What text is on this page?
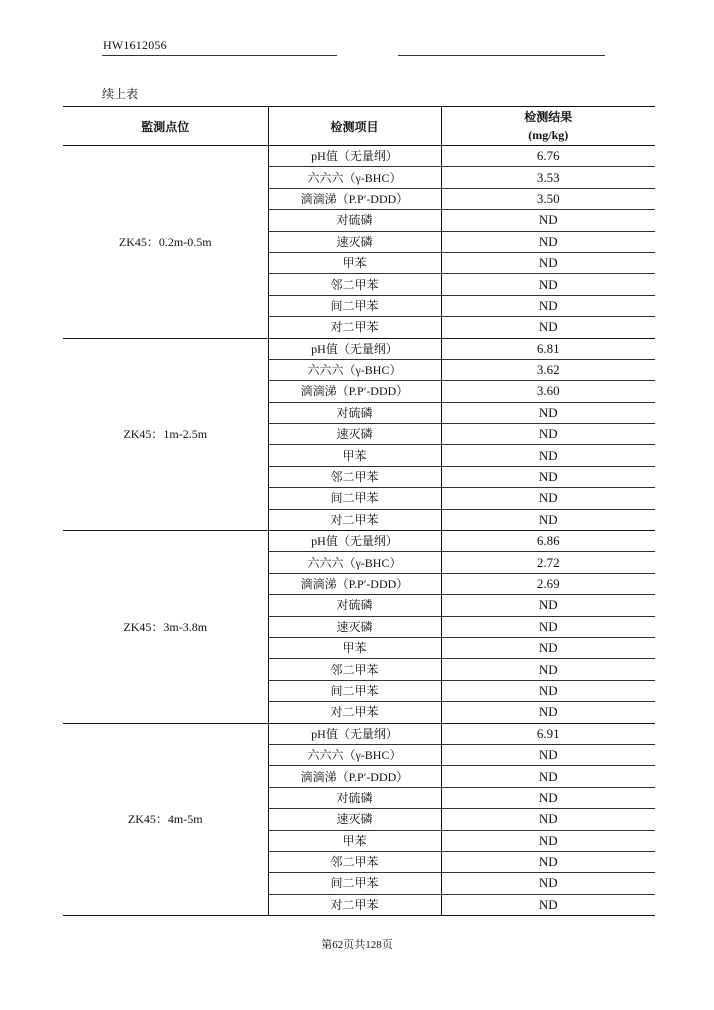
HW1612056
续上表
監測点位	检测项目	检测结果
(mg/kg)

ZK45：0.2m-0.5m	pH值（无量纲）	6.76
	六六六（γ-BHC）	3.53
	滴滴涕（P.P′-DDD）	3.50
	对硫磷	ND
	速灭磷	ND
	甲苯	ND
	邻二甲苯	ND
	间二甲苯	ND
	对二甲苯	ND
ZK45：1m-2.5m	pH值（无量纲）	6.81
	六六六（γ-BHC）	3.62
	滴滴涕（P.P′-DDD）	3.60
	对硫磷	ND
	速灭磷	ND
	甲苯	ND
	邻二甲苯	ND
	间二甲苯	ND
	对二甲苯	ND
ZK45：3m-3.8m	pH值（无量纲）	6.86
	六六六（γ-BHC）	2.72
	滴滴涕（P.P′-DDD）	2.69
	对硫磷	ND
	速灭磷	ND
	甲苯	ND
	邻二甲苯	ND
	间二甲苯	ND
	对二甲苯	ND
ZK45：4m-5m	pH值（无量纲）	6.91
	六六六（γ-BHC）	ND
	滴滴涕（P.P′-DDD）	ND
	对硫磷	ND
	速灭磷	ND
	甲苯	ND
	邻二甲苯	ND
	间二甲苯	ND
	对二甲苯	ND
第62页共128页
